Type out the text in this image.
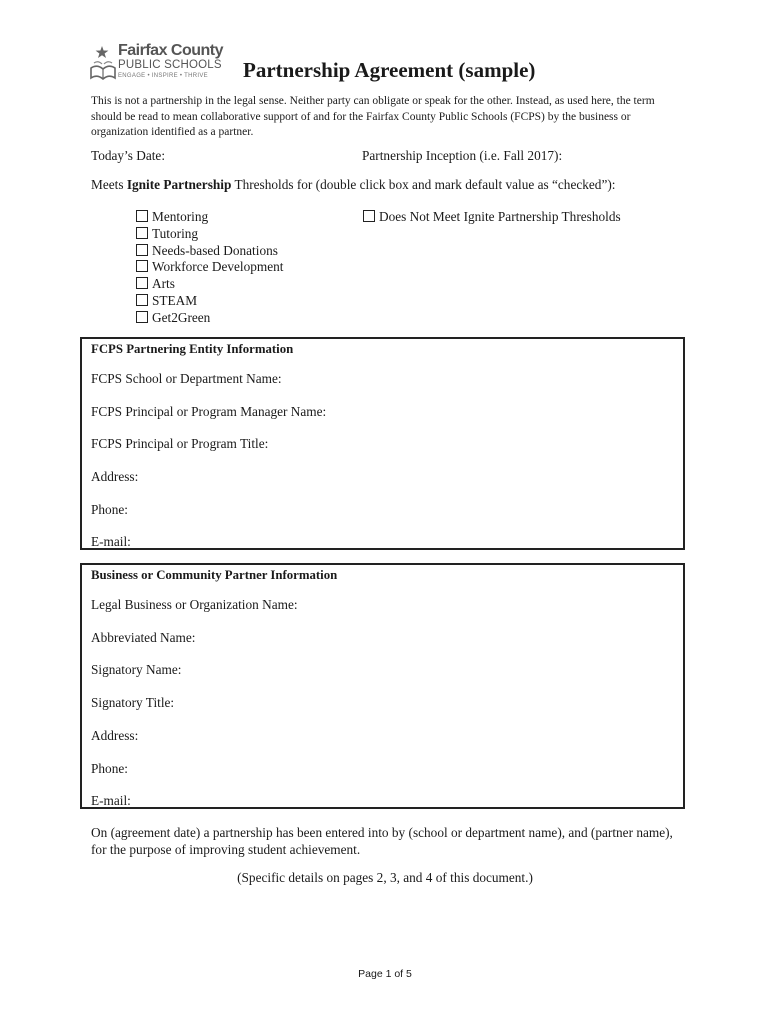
Fairfax County
PUBLIC SCHOOLS
ENGAGE • INSPIRE • THRIVE Partnership Agreement (sample)
This is not a partnership in the legal sense. Neither party can obligate or speak for the other. Instead, as used here, the term should be read to mean collaborative support of and for the Fairfax County Public Schools (FCPS) by the business or organization identified as a partner.
Today’s Date:	Partnership Inception (i.e. Fall 2017):
Meets Ignite Partnership Thresholds for (double click box and mark default value as “checked”):
Mentoring
Tutoring
Needs-based Donations
Workforce Development
Arts
STEAM
Get2Green
Does Not Meet Ignite Partnership Thresholds
FCPS Partnering Entity Information
FCPS School or Department Name:
FCPS Principal or Program Manager Name:
FCPS Principal or Program Title:
Address:
Phone:
E-mail:
Business or Community Partner Information
Legal Business or Organization Name:
Abbreviated Name:
Signatory Name:
Signatory Title:
Address:
Phone:
E-mail:
On (agreement date) a partnership has been entered into by (school or department name), and (partner name), for the purpose of improving student achievement.
(Specific details on pages 2, 3, and 4 of this document.)
Page 1 of 5
